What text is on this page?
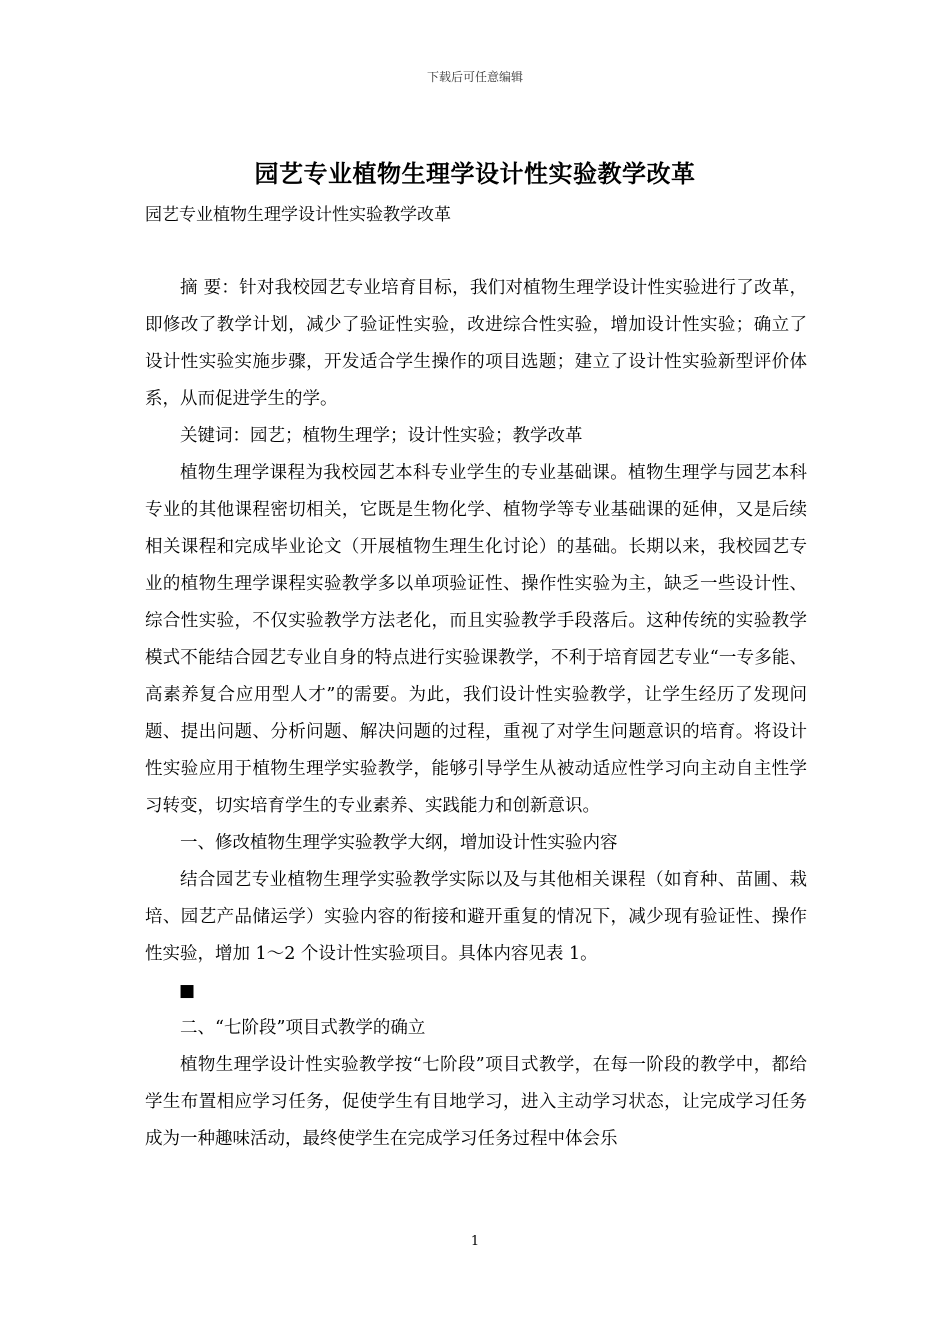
下载后可任意编辑
园艺专业植物生理学设计性实验教学改革
园艺专业植物生理学设计性实验教学改革

摘 要：针对我校园艺专业培育目标，我们对植物生理学设计性实验进行了改革，即修改了教学计划，减少了验证性实验，改进综合性实验，增加设计性实验；确立了设计性实验实施步骤，开发适合学生操作的项目选题；建立了设计性实验新型评价体系，从而促进学生的学。

关键词：园艺；植物生理学；设计性实验；教学改革

植物生理学课程为我校园艺本科专业学生的专业基础课。植物生理学与园艺本科专业的其他课程密切相关，它既是生物化学、植物学等专业基础课的延伸，又是后续相关课程和完成毕业论文（开展植物生理生化讨论）的基础。长期以来，我校园艺专业的植物生理学课程实验教学多以单项验证性、操作性实验为主，缺乏一些设计性、综合性实验，不仅实验教学方法老化，而且实验教学手段落后。这种传统的实验教学模式不能结合园艺专业自身的特点进行实验课教学，不利于培育园艺专业“一专多能、高素养复合应用型人才”的需要。为此，我们设计性实验教学，让学生经历了发现问题、提出问题、分析问题、解决问题的过程，重视了对学生问题意识的培育。将设计性实验应用于植物生理学实验教学，能够引导学生从被动适应性学习向主动自主性学习转变，切实培育学生的专业素养、实践能力和创新意识。

一、修改植物生理学实验教学大纲，增加设计性实验内容

结合园艺专业植物生理学实验教学实际以及与其他相关课程（如育种、苗圃、栽培、园艺产品储运学）实验内容的衔接和避开重复的情况下，减少现有验证性、操作性实验，增加 1～2 个设计性实验项目。具体内容见表 1。

■

二、“七阶段”项目式教学的确立

植物生理学设计性实验教学按“七阶段”项目式教学，在每一阶段的教学中，都给学生布置相应学习任务，促使学生有目地学习，进入主动学习状态，让完成学习任务成为一种趣味活动，最终使学生在完成学习任务过程中体会乐

1
